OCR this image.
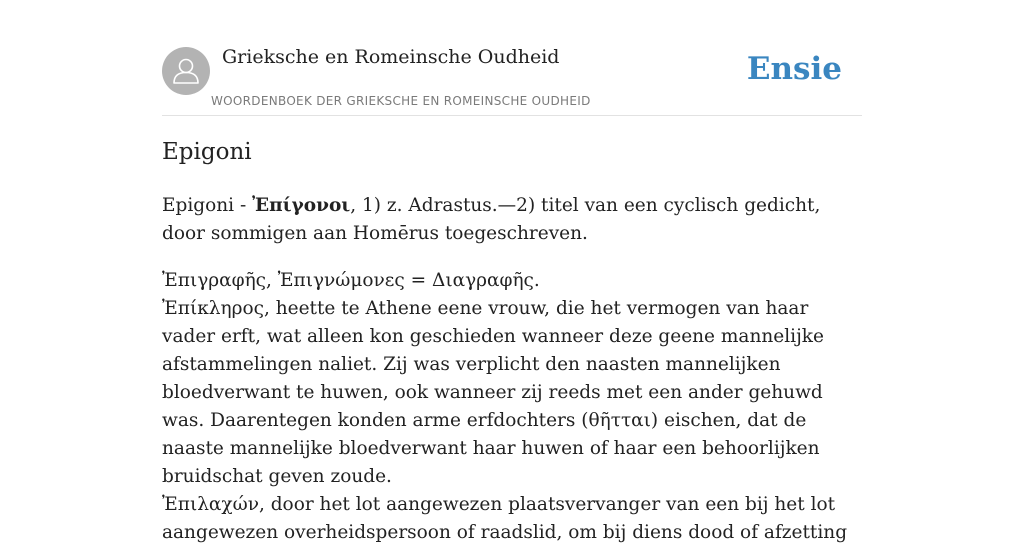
Grieksche en Romeinsche Oudheid
WOORDENBOEK DER GRIEKSCHE EN ROMEINSCHE OUDHEID
Ensie
Epigoni

Epigoni - Ἐπίγονοι, 1) z. Adrastus.—2) titel van een cyclisch gedicht, door sommigen aan Homērus toegeschreven.

Ἐπιγραφῆς, Ἐπιγνώμονες = Διαγραφῆς.

Ἐπίκληρος, heette te Athene eene vrouw, die het vermogen van haar vader erft, wat alleen kon geschieden wanneer deze geene mannelijke afstammelingen naliet. Zij was verplicht den naasten mannelijken bloedverwant te huwen, ook wanneer zij reeds met een ander gehuwd was. Daarentegen konden arme erfdochters (θῆτται) eischen, dat de naaste mannelijke bloedverwant haar huwen of haar een behoorlijken bruidschat geven zoude.

Ἐπιλαχών, door het lot aangewezen plaatsvervanger van een bij het lot aangewezen overheidspersoon of raadslid, om bij diens dood of afzetting
